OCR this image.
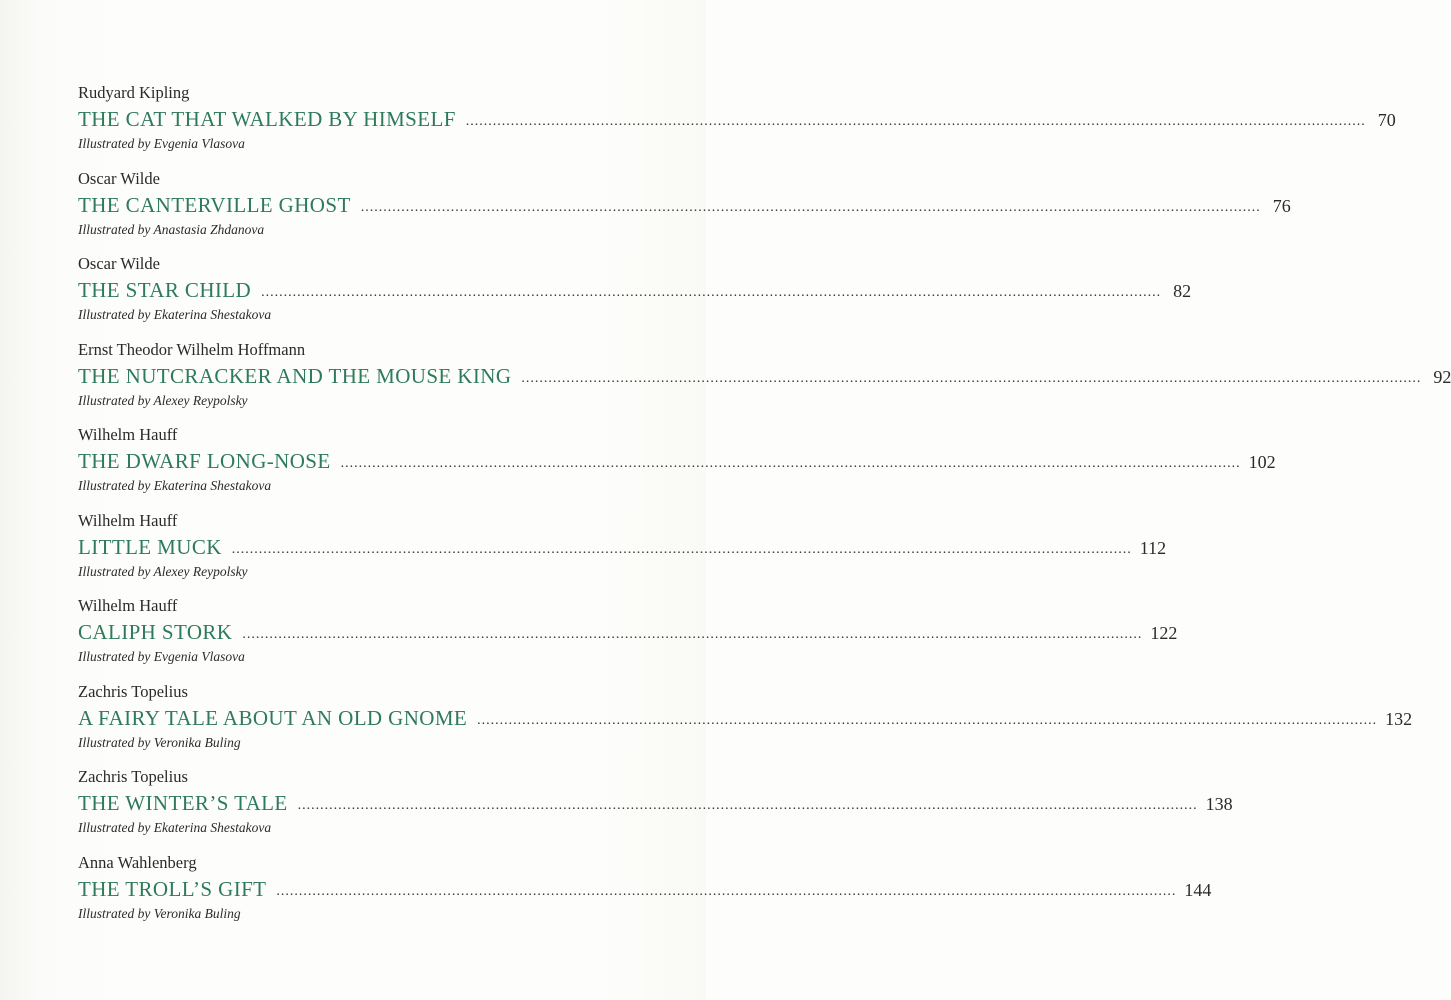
Rudyard Kipling
THE CAT THAT WALKED BY HIMSELF ........................................................................................................................................................................................................ 70
Illustrated by Evgenia Vlasova
Oscar Wilde
THE CANTERVILLE GHOST ........................................................................................................................................................................................................ 76
Illustrated by Anastasia Zhdanova
Oscar Wilde
THE STAR CHILD ........................................................................................................................................................................................................ 82
Illustrated by Ekaterina Shestakova
Ernst Theodor Wilhelm Hoffmann
THE NUTCRACKER AND THE MOUSE KING ........................................................................................................................................................................................................ 92
Illustrated by Alexey Reypolsky
Wilhelm Hauff
THE DWARF LONG-NOSE ........................................................................................................................................................................................................ 102
Illustrated by Ekaterina Shestakova
Wilhelm Hauff
LITTLE MUCK ........................................................................................................................................................................................................ 112
Illustrated by Alexey Reypolsky
Wilhelm Hauff
CALIPH STORK ........................................................................................................................................................................................................ 122
Illustrated by Evgenia Vlasova
Zachris Topelius
A FAIRY TALE ABOUT AN OLD GNOME ........................................................................................................................................................................................................ 132
Illustrated by Veronika Buling
Zachris Topelius
THE WINTER’S TALE ........................................................................................................................................................................................................ 138
Illustrated by Ekaterina Shestakova
Anna Wahlenberg
THE TROLL’S GIFT ........................................................................................................................................................................................................ 144
Illustrated by Veronika Buling
